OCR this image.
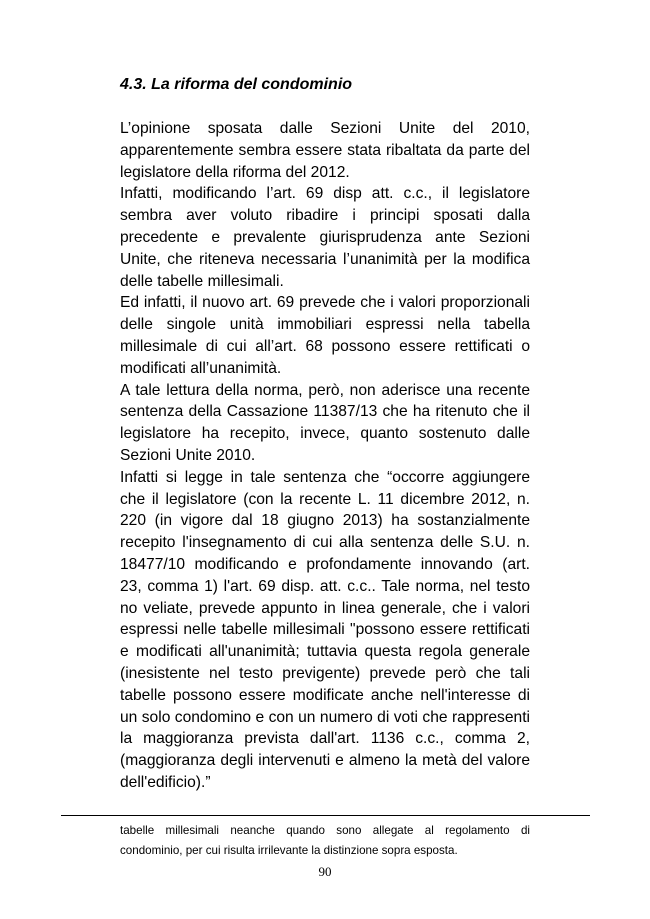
4.3. La riforma del condominio

L’opinione sposata dalle Sezioni Unite del 2010, apparentemente sembra essere stata ribaltata da parte del legislatore della riforma del 2012.

Infatti, modificando l’art. 69 disp att. c.c., il legislatore sembra aver voluto ribadire i principi sposati dalla precedente e prevalente giurisprudenza ante Sezioni Unite, che riteneva necessaria l’unanimità per la modifica delle tabelle millesimali.

Ed infatti, il nuovo art. 69 prevede che i valori proporzionali delle singole unità immobiliari espressi nella tabella millesimale di cui all’art. 68 possono essere rettificati o modificati all’unanimità.

A tale lettura della norma, però, non aderisce una recente sentenza della Cassazione 11387/13 che ha ritenuto che il legislatore ha recepito, invece, quanto sostenuto dalle Sezioni Unite 2010.

Infatti si legge in tale sentenza che “occorre aggiungere che il legislatore (con la recente L. 11 dicembre 2012, n. 220 (in vigore dal 18 giugno 2013) ha sostanzialmente recepito l'insegnamento di cui alla sentenza delle S.U. n. 18477/10 modificando e profondamente innovando (art. 23, comma 1) l'art. 69 disp. att. c.c.. Tale norma, nel testo no veliate, prevede appunto in linea generale, che i valori espressi nelle tabelle millesimali "possono essere rettificati e modificati all'unanimità; tuttavia questa regola generale (inesistente nel testo previgente) prevede però che tali tabelle possono essere modificate anche nell'interesse di un solo condomino e con un numero di voti che rappresenti la maggioranza prevista dall'art. 1136 c.c., comma 2, (maggioranza degli intervenuti e almeno la metà del valore dell'edificio).”

tabelle millesimali neanche quando sono allegate al regolamento di condominio, per cui risulta irrilevante la distinzione sopra esposta.

90
